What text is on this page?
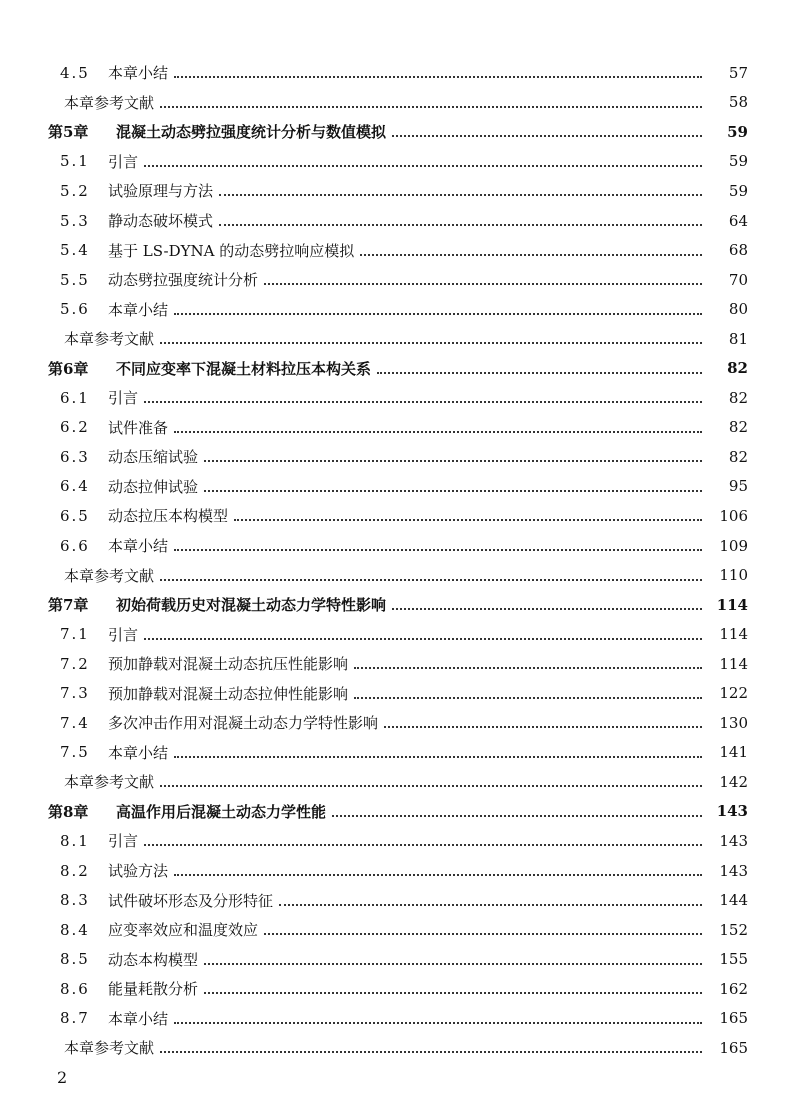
4.5 本章小结	57
本章参考文献	58
第5章	混凝土动态劈拉强度统计分析与数值模拟	59
5.1 引言	59
5.2 试验原理与方法	59
5.3 静动态破坏模式	64
5.4 基于 LS-DYNA 的动态劈拉响应模拟	68
5.5 动态劈拉强度统计分析	70
5.6 本章小结	80
本章参考文献	81
第6章	不同应变率下混凝土材料拉压本构关系	82
6.1 引言	82
6.2 试件准备	82
6.3 动态压缩试验	82
6.4 动态拉伸试验	95
6.5 动态拉压本构模型	106
6.6 本章小结	109
本章参考文献	110
第7章	初始荷载历史对混凝土动态力学特性影响	114
7.1 引言	114
7.2 预加静载对混凝土动态抗压性能影响	114
7.3 预加静载对混凝土动态拉伸性能影响	122
7.4 多次冲击作用对混凝土动态力学特性影响	130
7.5 本章小结	141
本章参考文献	142
第8章	高温作用后混凝土动态力学性能	143
8.1 引言	143
8.2 试验方法	143
8.3 试件破坏形态及分形特征	144
8.4 应变率效应和温度效应	152
8.5 动态本构模型	155
8.6 能量耗散分析	162
8.7 本章小结	165
本章参考文献	165
2
